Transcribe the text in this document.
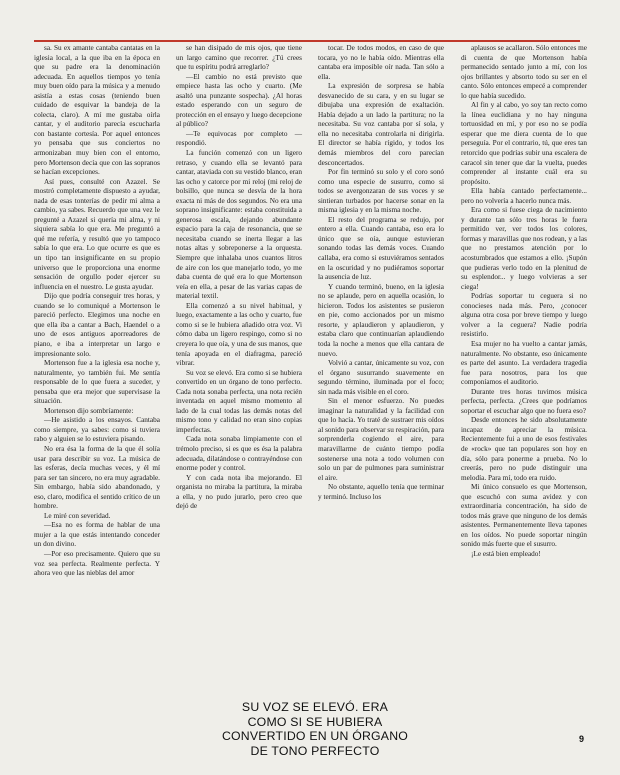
sa. Su ex amante cantaba cantatas en la iglesia local, a la que iba en la época en que su padre era la denominación adecuada. En aquellos tiempos yo tenía muy buen oído para la música y a menudo asistía a estas cosas (teniendo buen cuidado de esquivar la bandeja de la colecta, claro). A mí me gustaba oírla cantar, y el auditorio parecía escucharla con bastante cortesía. Por aquel entonces yo pensaba que sus conciertos no armonizaban muy bien con el entorno, pero Mortenson decía que con las sopranos se hacían excepciones.

Así pues, consulté con Azazel. Se mostró completamente dispuesto a ayudar, nada de esas tonterías de pedir mi alma a cambio, ya sabes. Recuerdo que una vez le pregunté a Azazel si quería mi alma, y ni siquiera sabía lo que era. Me preguntó a qué me refería, y resultó que yo tampoco sabía lo que era. Lo que ocurre es que es un tipo tan insignificante en su propio universo que le proporciona una enorme sensación de orgullo poder ejercer su influencia en el nuestro. Le gusta ayudar.

Dijo que podría conseguir tres horas, y cuando se lo comuniqué a Mortenson le pareció perfecto. Elegimos una noche en que ella iba a cantar a Bach, Haendel o a uno de esos antiguos aporreadores de piano, e iba a interpretar un largo e impresionante solo.

Mortenson fue a la iglesia esa noche y, naturalmente, yo también fui. Me sentía responsable de lo que fuera a suceder, y pensaba que era mejor que supervisase la situación.

Mortenson dijo sombríamente:

—He asistido a los ensayos. Cantaba como siempre, ya sabes: como si tuviera rabo y alguien se lo estuviera pisando.

No era ésa la forma de la que él solía usar para describir su voz. La música de las esferas, decía muchas veces, y él mí para ser tan sincero, no era muy agradable. Sin embargo, había sido abandonado, y eso, claro, modifica el sentido crítico de un hombre.

Le miré con severidad.

—Esa no es forma de hablar de una mujer a la que estás intentando conceder un don divino.

—Por eso precisamente. Quiero que su voz sea perfecta. Realmente perfecta. Y ahora veo que las nieblas del amor

se han disipado de mis ojos, que tiene un largo camino que recorrer. ¿Tú crees que tu espíritu podrá arreglarlo?

—El cambio no está previsto que empiece hasta las ocho y cuarto. (Me asaltó una punzante sospecha). ¿Al horas estado esperando con un seguro de protección en el ensayo y luego decepcione al público?

—Te equivocas por completo —respondió.

La función comenzó con un ligero retraso, y cuando ella se levantó para cantar, ataviada con su vestido blanco, eran las ocho y catorce por mi reloj (mi reloj de bolsillo, que nunca se desvía de la hora exacta ni más de dos segundos. No era una soprano insignificante: estaba constituida a generosa escala, dejando abundante espacio para la caja de resonancia, que se necesitaba cuando se inerta llegar a las notas altas y sobreponerse a la orquesta. Siempre que inhalaba unos cuantos litros de aire con los que manejarlo todo, yo me daba cuenta de qué era lo que Mortenson veía en ella, a pesar de las varias capas de material textil.

Ella comenzó a su nivel habitual, y luego, exactamente a las ocho y cuarto, fue como si se le hubiera añadido otra voz. Vi cómo daba un ligero respingo, como si no creyera lo que oía, y una de sus manos, que tenía apoyada en el diafragma, pareció vibrar.

Su voz se elevó. Era como si se hubiera convertido en un órgano de tono perfecto. Cada nota sonaba perfecta, una nota recién inventada en aquel mismo momento al lado de la cual todas las demás notas del mismo tono y calidad no eran sino copias imperfectas.

Cada nota sonaba limpiamente con el trémolo preciso, si es que es ésa la palabra adecuada, dilatándose o contrayéndose con enorme poder y control.

Y con cada nota iba mejorando. El organista no miraba la partitura, la miraba a ella, y no pudo jurarlo, pero creo que dejó de

tocar. De todos modos, en caso de que tocara, yo no le había oído. Mientras ella cantaba era imposible oír nada. Tan sólo a ella.

La expresión de sorpresa se había desvanecido de su cara, y en su lugar se dibujaba una expresión de exaltación. Había dejado a un lado la partitura; no la necesitaba. Su voz cantaba por sí sola, y ella no necesitaba controlarla ni dirigirla. El director se había rígido, y todos los demás miembros del coro parecían desconcertados.

Por fin terminó su solo y el coro sonó como una especie de susurro, como si todos se avergonzaran de sus voces y se sintieran turbados por hacerse sonar en la misma iglesia y en la misma noche.

El resto del programa se redujo, por entero a ella. Cuando cantaba, eso era lo único que se oía, aunque estuvieran sonando todas las demás voces. Cuando callaba, era como si estuviéramos sentados en la oscuridad y no pudiéramos soportar la ausencia de luz.

Y cuando terminó, bueno, en la iglesia no se aplaude, pero en aquella ocasión, lo hicieron. Todos los asistentes se pusieron en pie, como accionados por un mismo resorte, y aplaudieron y aplaudieron, y estaba claro que continuarían aplaudiendo toda la noche a menos que ella cantara de nuevo.

Volvió a cantar, únicamente su voz, con el órgano susurrando suavemente en segundo término, iluminada por el foco; sin nada más visible en el coro.

Sin el menor esfuerzo. No puedes imaginar la naturalidad y la facilidad con que lo hacía. Yo traté de sustraer mis oídos al sonido para observar su respiración, para sorprenderla cogiendo el aire, para maravillarme de cuánto tiempo podía sostenerse una nota a todo volumen con solo un par de pulmones para suministrar el aire.

No obstante, aquello tenía que terminar y terminó. Incluso los

aplausos se acallaron. Sólo entonces me di cuenta de que Mortenson había permanecido sentado junto a mí, con los ojos brillantes y absorto todo su ser en el canto. Sólo entonces empecé a comprender lo que había sucedido.

Al fin y al cabo, yo soy tan recto como la línea euclidiana y no hay ninguna tortuosidad en mí, y por eso no se podía esperar que me diera cuenta de lo que perseguía. Por el contrario, tú, que eres tan retorcido que podrías subir una escalera de caracol sin tener que dar la vuelta, puedes comprender al instante cuál era su propósito.

Ella había cantado perfectamente... pero no volvería a hacerlo nunca más.

Era como si fuese ciega de nacimiento y durante tan sólo tres horas le fuera permitido ver, ver todos los colores, formas y maravillas que nos rodean, y a las que no prestamos atención por lo acostumbrados que estamos a ello. ¡Supón que pudieras verlo todo en la plenitud de su esplendor... y luego volvieras a ser ciega!

Podrías soportar tu ceguera si no conocieses nada más. Pero, ¿conocer alguna otra cosa por breve tiempo y luego volver a la ceguera? Nadie podría resistirlo.

Esa mujer no ha vuelto a cantar jamás, naturalmente. No obstante, eso únicamente es parte del asunto. La verdadera tragedia fue para nosotros, para los que componíamos el auditorio.

Durante tres horas tuvimos música perfecta, perfecta. ¿Crees que podríamos soportar el escuchar algo que no fuera eso?

Desde entonces he sido absolutamente incapaz de apreciar la música. Recientemente fui a uno de esos festivales de «rock» que tan populares son hoy en día, sólo para ponerme a prueba. No lo creerás, pero no pude distinguir una melodía. Para mí, todo era ruido.

Mi único consuelo es que Mortenson, que escuchó con suma avidez y con extraordinaria concentración, ha sido de todos más grave que ninguno de los demás asistentes. Permanentemente lleva tapones en los oídos. No puede soportar ningún sonido más fuerte que el susurro.

¡Le está bien empleado!

SU VOZ SE ELEVÓ. ERA
COMO SI SE HUBIERA
CONVERTIDO EN UN ÓRGANO
DE TONO PERFECTO
9
